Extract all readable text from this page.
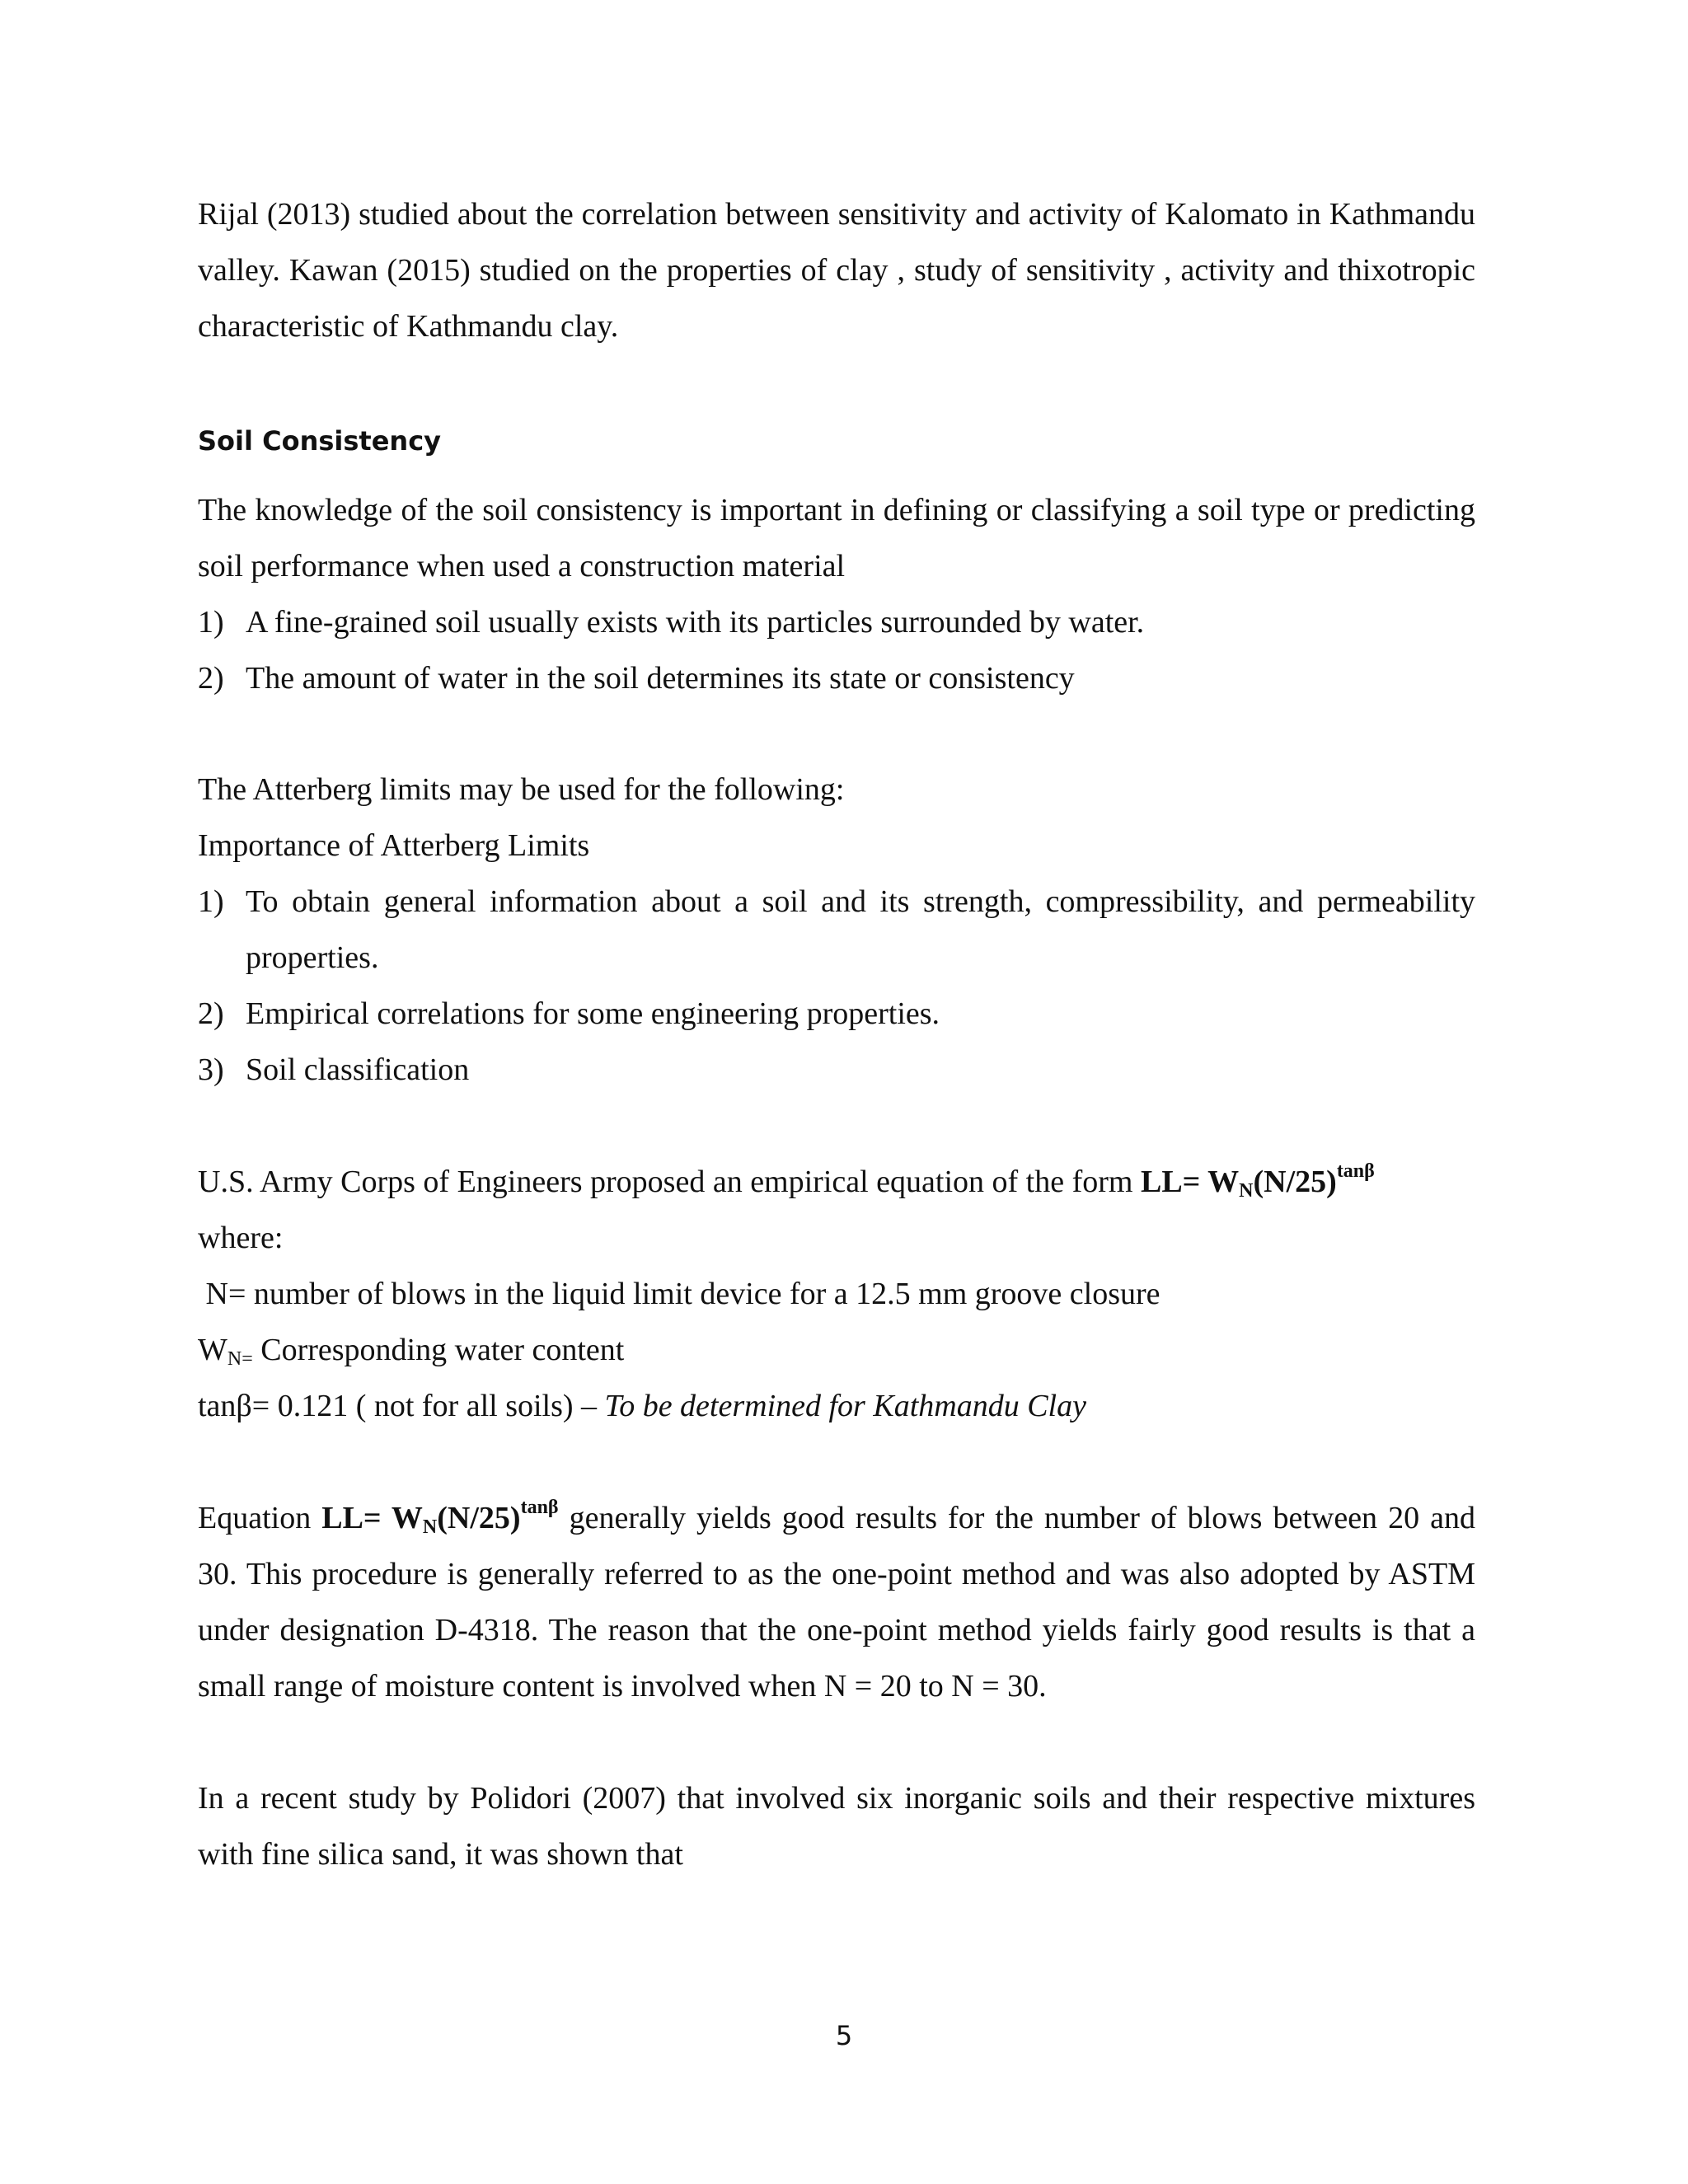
Rijal (2013) studied about the correlation between sensitivity and activity of Kalomato in Kathmandu valley. Kawan (2015) studied on the properties of clay , study of sensitivity , activity and thixotropic characteristic of Kathmandu clay.

Soil Consistency

The knowledge of the soil consistency is important in defining or classifying a soil type or predicting soil performance when used a construction material

1) A fine-grained soil usually exists with its particles surrounded by water.
2) The amount of water in the soil determines its state or consistency

The Atterberg limits may be used for the following:

Importance of Atterberg Limits

1) To obtain general information about a soil and its strength, compressibility, and permeability properties.
2) Empirical correlations for some engineering properties.
3) Soil classification

U.S. Army Corps of Engineers proposed an empirical equation of the form $LL= W_N(N/25)^{tan\beta}$

where:

N= number of blows in the liquid limit device for a 12.5 mm groove closure

WN= Corresponding water content

tanβ= 0.121 ( not for all soils) – To be determined for Kathmandu Clay

Equation $LL= W_N(N/25)^{tan\beta}$ generally yields good results for the number of blows between 20 and 30. This procedure is generally referred to as the one-point method and was also adopted by ASTM under designation D-4318. The reason that the one-point method yields fairly good results is that a small range of moisture content is involved when N = 20 to N = 30.

In a recent study by Polidori (2007) that involved six inorganic soils and their respective mixtures with fine silica sand, it was shown that

5
